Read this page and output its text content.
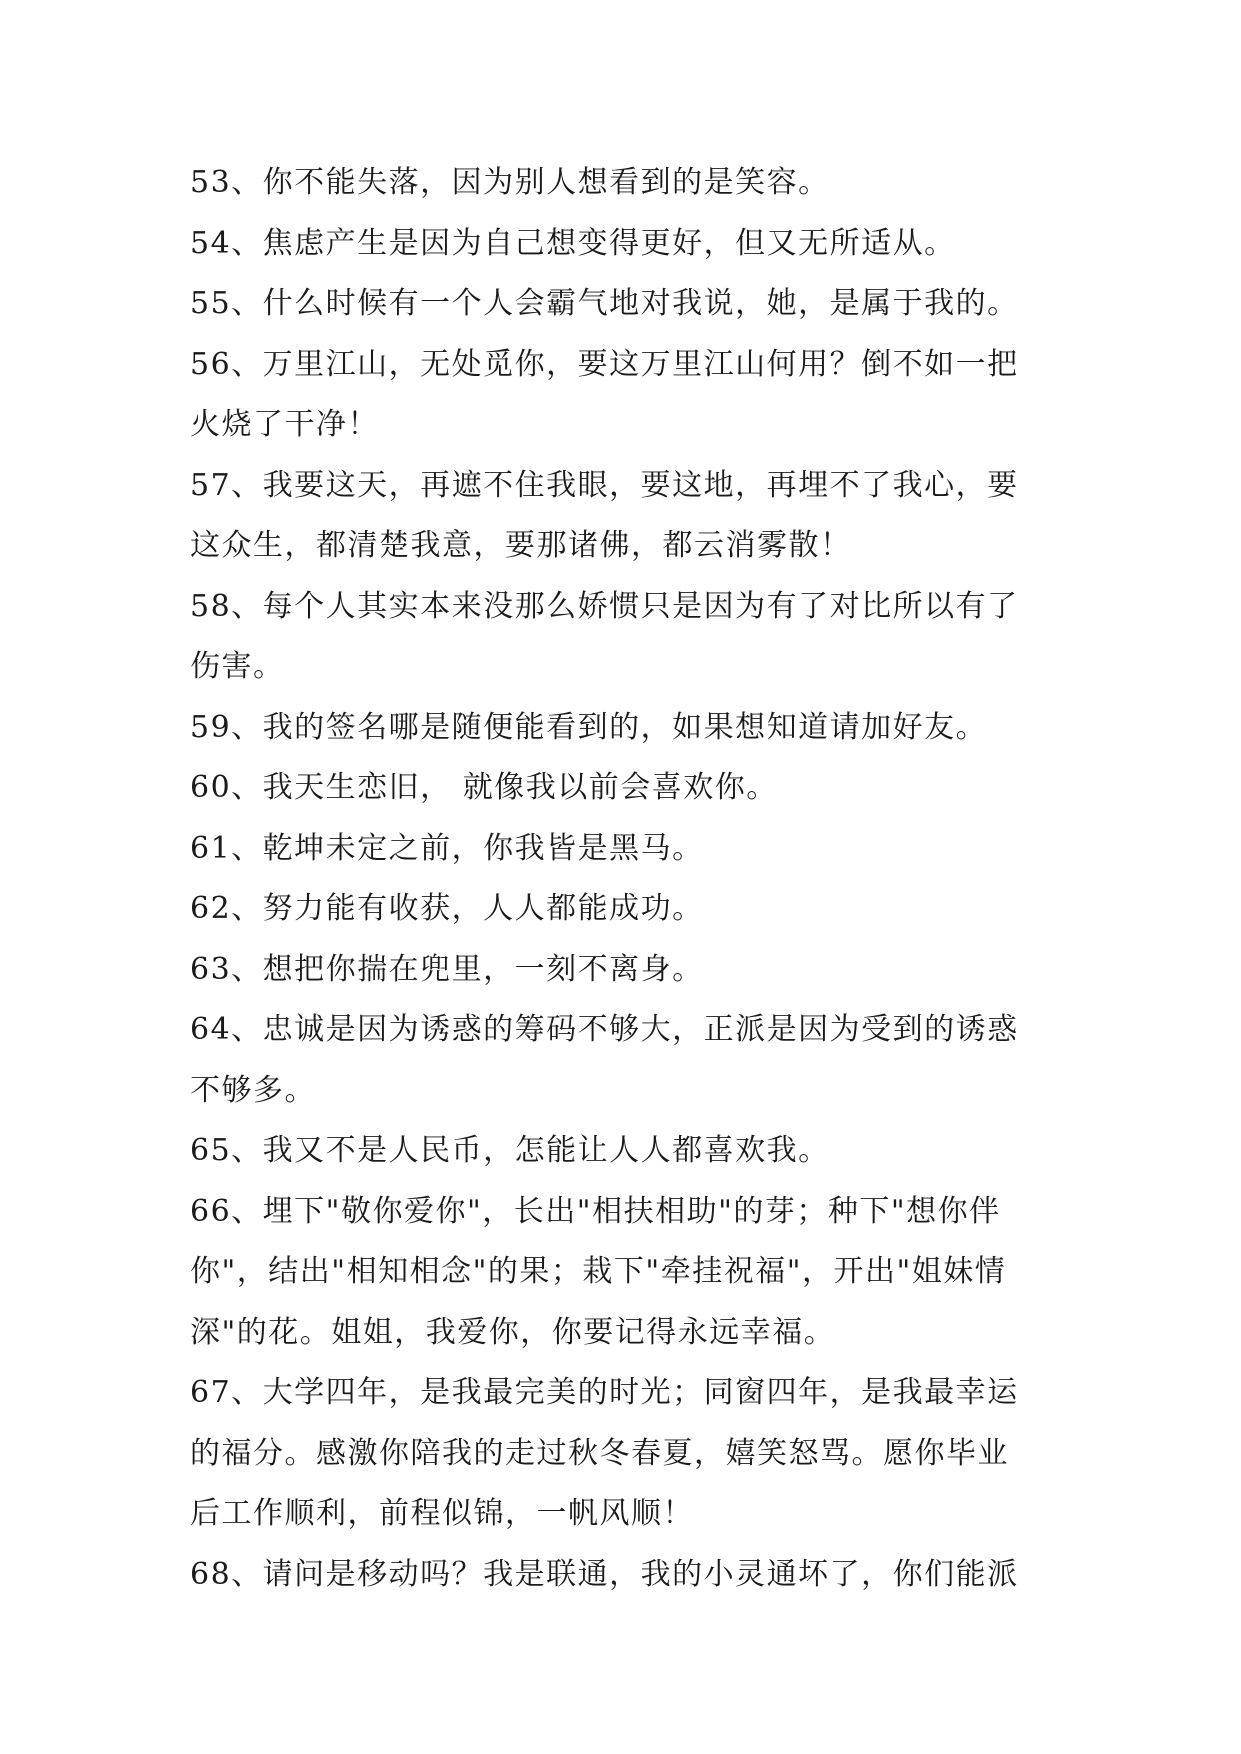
53、你不能失落，因为别人想看到的是笑容。
54、焦虑产生是因为自己想变得更好，但又无所适从。
55、什么时候有一个人会霸气地对我说，她，是属于我的。
56、万里江山，无处觅你，要这万里江山何用？倒不如一把
火烧了干净！
57、我要这天，再遮不住我眼，要这地，再埋不了我心，要
这众生，都清楚我意，要那诸佛，都云消雾散！
58、每个人其实本来没那么娇惯只是因为有了对比所以有了
伤害。
59、我的签名哪是随便能看到的，如果想知道请加好友。
60、我天生恋旧， 就像我以前会喜欢你。
61、乾坤未定之前，你我皆是黑马。
62、努力能有收获，人人都能成功。
63、想把你揣在兜里，一刻不离身。
64、忠诚是因为诱惑的筹码不够大，正派是因为受到的诱惑
不够多。
65、我又不是人民币，怎能让人人都喜欢我。
66、埋下"敬你爱你"，长出"相扶相助"的芽；种下"想你伴
你"，结出"相知相念"的果；栽下"牵挂祝福"，开出"姐妹情
深"的花。姐姐，我爱你，你要记得永远幸福。
67、大学四年，是我最完美的时光；同窗四年，是我最幸运
的福分。感激你陪我的走过秋冬春夏，嬉笑怒骂。愿你毕业
后工作顺利，前程似锦，一帆风顺！
68、请问是移动吗？我是联通，我的小灵通坏了，你们能派
